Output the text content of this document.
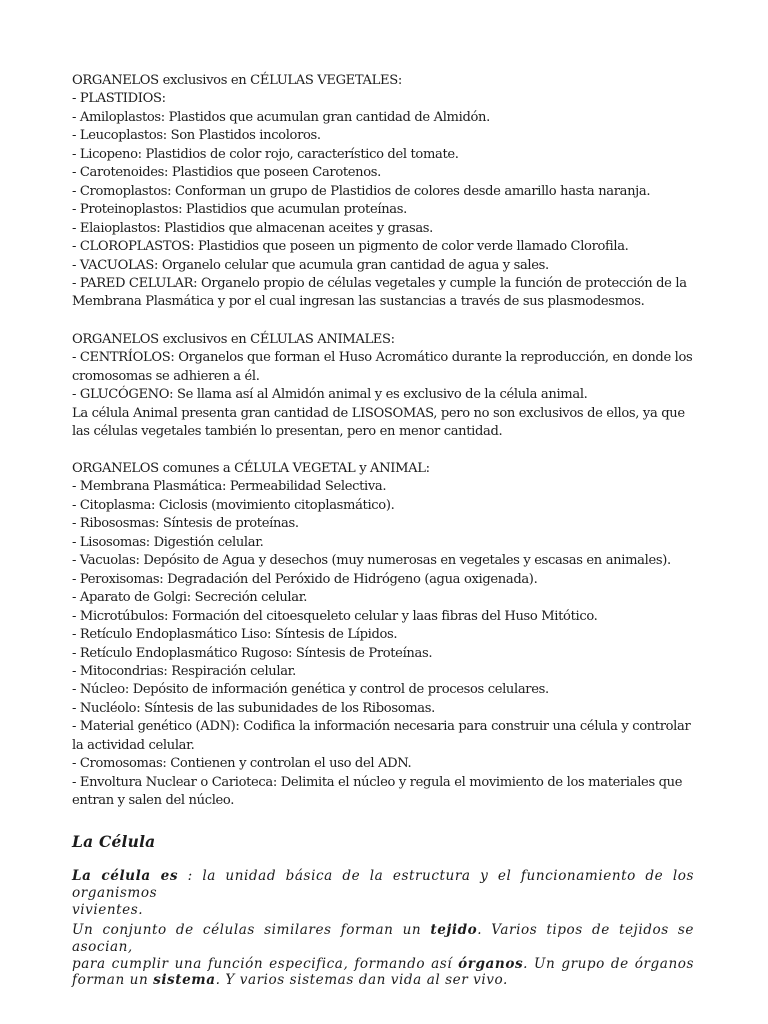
ORGANELOS exclusivos en CÉLULAS VEGETALES:
- PLASTIDIOS:
- Amiloplastos: Plastidos que acumulan gran cantidad de Almidón.
- Leucoplastos: Son Plastidos incoloros.
- Licopeno: Plastidios de color rojo, característico del tomate.
- Carotenoides: Plastidios que poseen Carotenos.
- Cromoplastos: Conforman un grupo de Plastidios de colores desde amarillo hasta naranja.
- Proteinoplastos: Plastidios que acumulan proteínas.
- Elaioplastos: Plastidios que almacenan aceites y grasas.
- CLOROPLASTOS: Plastidios que poseen un pigmento de color verde llamado Clorofila.
- VACUOLAS: Organelo celular que acumula gran cantidad de agua y sales.
- PARED CELULAR: Organelo propio de células vegetales y cumple la función de protección de la
Membrana Plasmática y por el cual ingresan las sustancias a través de sus plasmodesmos.
ORGANELOS exclusivos en CÉLULAS ANIMALES:
- CENTRÍOLOS: Organelos que forman el Huso Acromático durante la reproducción, en donde los
cromosomas se adhieren a él.
- GLUCÓGENO: Se llama así al Almidón animal y es exclusivo de la célula animal.
La célula Animal presenta gran cantidad de LISOSOMAS, pero no son exclusivos de ellos, ya que
las células vegetales también lo presentan, pero en menor cantidad.
ORGANELOS comunes a CÉLULA VEGETAL y ANIMAL:
- Membrana Plasmática: Permeabilidad Selectiva.
- Citoplasma: Ciclosis (movimiento citoplasmático).
- Ribososmas: Síntesis de proteínas.
- Lisosomas: Digestión celular.
- Vacuolas: Depósito de Agua y desechos (muy numerosas en vegetales y escasas en animales).
- Peroxisomas: Degradación del Peróxido de Hidrógeno (agua oxigenada).
- Aparato de Golgi: Secreción celular.
- Microtúbulos: Formación del citoesqueleto celular y laas fibras del Huso Mitótico.
- Retículo Endoplasmático Liso: Síntesis de Lípidos.
- Retículo Endoplasmático Rugoso: Síntesis de Proteínas.
- Mitocondrias: Respiración celular.
- Núcleo: Depósito de información genética y control de procesos celulares.
- Nucléolo: Síntesis de las subunidades de los Ribosomas.
- Material genético (ADN): Codifica la información necesaria para construir una célula y controlar
la actividad celular.
- Cromosomas: Contienen y controlan el uso del ADN.
- Envoltura Nuclear o Carioteca: Delimita el núcleo y regula el movimiento de los materiales que
entran y salen del núcleo.
La Célula
La célula es : la unidad básica de la estructura y el funcionamiento de los organismos
vivientes.
Un conjunto de células similares forman un tejido. Varios tipos de tejidos se asocian,
para cumplir una función especifica, formando así órganos. Un grupo de órganos
forman un sistema. Y varios sistemas dan vida al ser vivo.
